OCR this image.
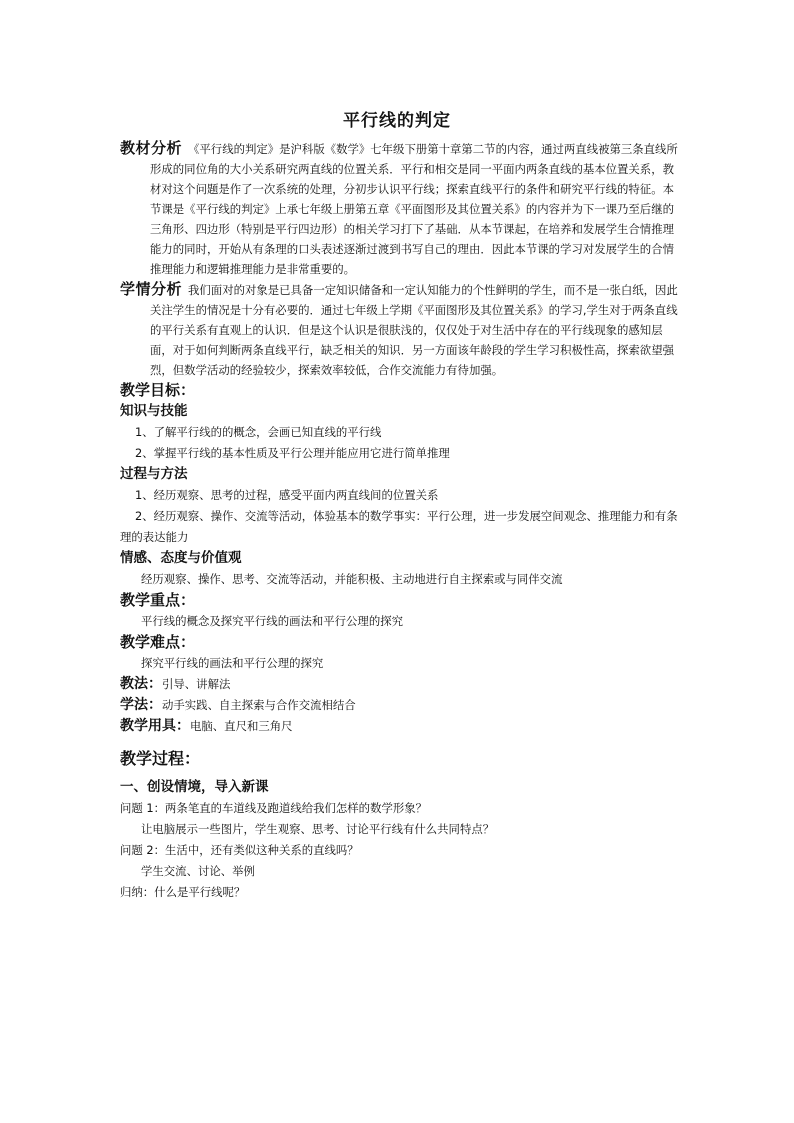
平行线的判定

教材分析 《平行线的判定》是沪科版《数学》七年级下册第十章第二节的内容，通过两直线被第三条直线所形成的同位角的大小关系研究两直线的位置关系．平行和相交是同一平面内两条直线的基本位置关系，教材对这个问题是作了一次系统的处理，分初步认识平行线；探索直线平行的条件和研究平行线的特征。本节课是《平行线的判定》上承七年级上册第五章《平面图形及其位置关系》的内容并为下一课乃至后继的三角形、四边形（特别是平行四边形）的相关学习打下了基础．从本节课起，在培养和发展学生合情推理能力的同时，开始从有条理的口头表述逐渐过渡到书写自己的理由．因此本节课的学习对发展学生的合情推理能力和逻辑推理能力是非常重要的。

学情分析 我们面对的对象是已具备一定知识储备和一定认知能力的个性鲜明的学生，而不是一张白纸，因此关注学生的情况是十分有必要的．通过七年级上学期《平面图形及其位置关系》的学习,学生对于两条直线的平行关系有直观上的认识．但是这个认识是很肤浅的，仅仅处于对生活中存在的平行线现象的感知层面，对于如何判断两条直线平行，缺乏相关的知识．另一方面该年龄段的学生学习积极性高，探索欲望强烈，但数学活动的经验较少，探索效率较低，合作交流能力有待加强。

教学目标：

知识与技能

1、了解平行线的的概念，会画已知直线的平行线

2、掌握平行线的基本性质及平行公理并能应用它进行简单推理

过程与方法

1、经历观察、思考的过程，感受平面内两直线间的位置关系

2、经历观察、操作、交流等活动，体验基本的数学事实：平行公理，进一步发展空间观念、推理能力和有条理的表达能力

情感、态度与价值观

经历观察、操作、思考、交流等活动，并能积极、主动地进行自主探索或与同伴交流

教学重点：

平行线的概念及探究平行线的画法和平行公理的探究

教学难点：

探究平行线的画法和平行公理的探究

教法：引导、讲解法

学法：动手实践、自主探索与合作交流相结合

教学用具：电脑、直尺和三角尺

教学过程：

一、创设情境，导入新课

问题 1：两条笔直的车道线及跑道线给我们怎样的数学形象？

让电脑展示一些图片，学生观察、思考、讨论平行线有什么共同特点？

问题 2：生活中，还有类似这种关系的直线吗？

学生交流、讨论、举例

归纳：什么是平行线呢？
